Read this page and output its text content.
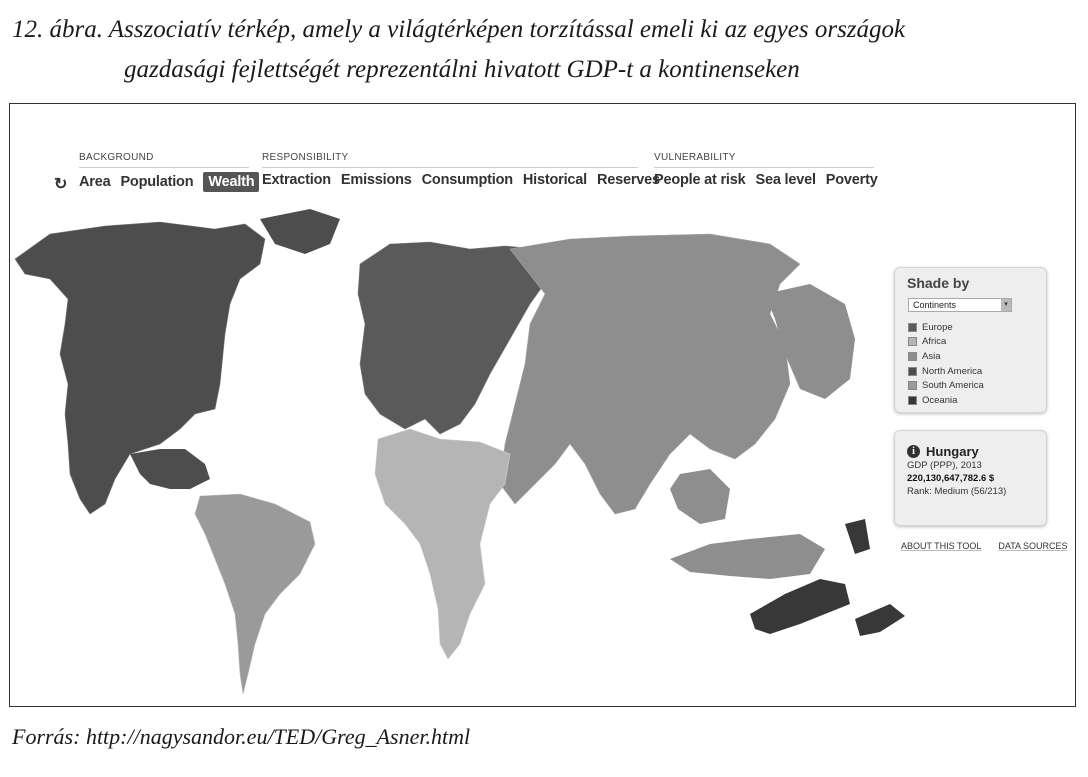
12. ábra. Asszociatív térkép, amely a világtérképen torzítással emeli ki az egyes országok
gazdasági fejlettségét reprezentálni hivatott GDP-t a kontinenseken
↻
BACKGROUND
Area Population	Wealth
RESPONSIBILITY
Extraction Emissions Consumption Historical Reserves
VULNERABILITY
People at risk Sea level Poverty
Shade by
Continents	▾
Europe
Africa
Asia
North America
South America
Oceania
i Hungary
GDP (PPP), 2013
220,130,647,782.6 $
Rank: Medium (56/213)
ABOUT THIS TOOL DATA SOURCES
Forrás: http://nagysandor.eu/TED/Greg_Asner.html
